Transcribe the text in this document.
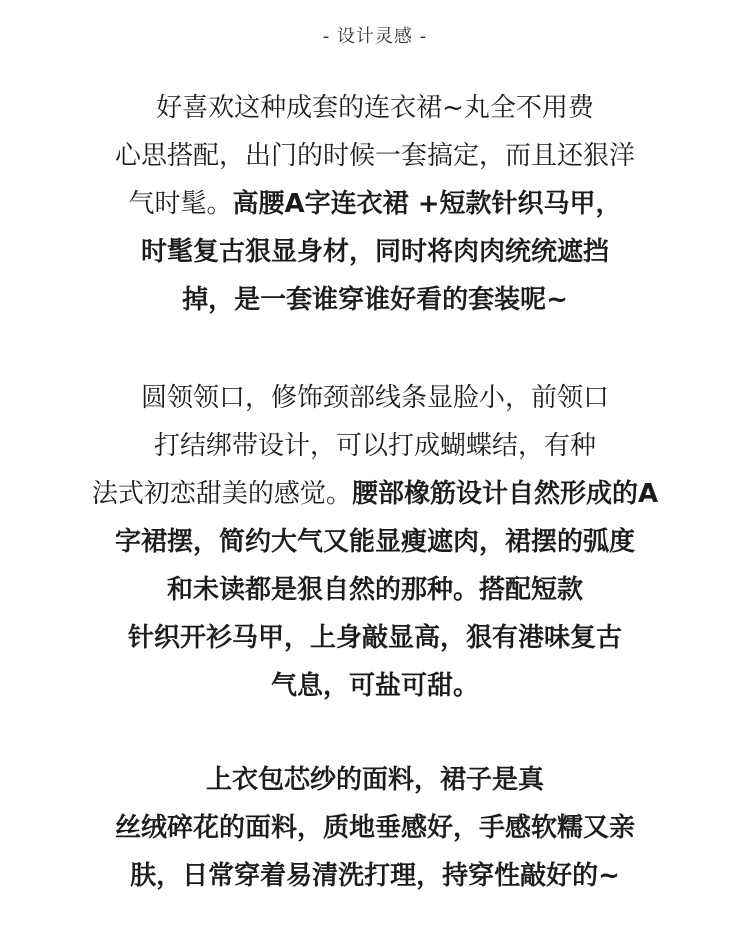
- 设计灵感 -
好喜欢这种成套的连衣裙~丸全不用费
心思搭配，出门的时候一套搞定，而且还狠洋
气时髦。高腰A字连衣裙 +短款针织马甲，
时髦复古狠显身材，同时将肉肉统统遮挡
掉，是一套谁穿谁好看的套装呢~
圆领领口，修饰颈部线条显脸小，前领口
打结绑带设计，可以打成蝴蝶结，有种
法式初恋甜美的感觉。腰部橡筋设计自然形成的A
字裙摆，简约大气又能显瘦遮肉，裙摆的弧度
和未读都是狠自然的那种。搭配短款
针织开衫马甲，上身敲显高，狠有港味复古
气息，可盐可甜。
上衣包芯纱的面料，裙子是真
丝绒碎花的面料，质地垂感好，手感软糯又亲
肤，日常穿着易清洗打理，持穿性敲好的~
